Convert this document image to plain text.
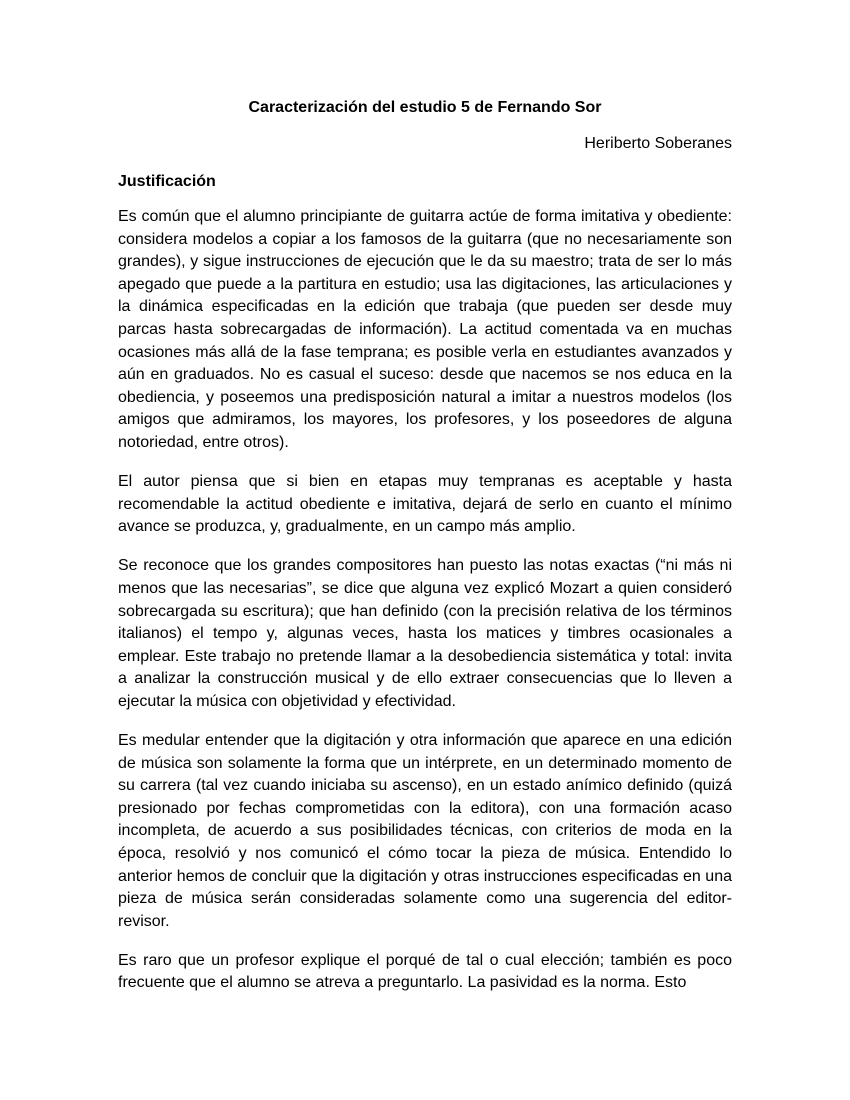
Caracterización del estudio 5 de Fernando Sor
Heriberto Soberanes
Justificación

Es común que el alumno principiante de guitarra actúe de forma imitativa y obediente: considera modelos a copiar a los famosos de la guitarra (que no necesariamente son grandes), y sigue instrucciones de ejecución que le da su maestro; trata de ser lo más apegado que puede a la partitura en estudio; usa las digitaciones, las articulaciones y la dinámica especificadas en la edición que trabaja (que pueden ser desde muy parcas hasta sobrecargadas de información). La actitud comentada va en muchas ocasiones más allá de la fase temprana; es posible verla en estudiantes avanzados y aún en graduados. No es casual el suceso: desde que nacemos se nos educa en la obediencia, y poseemos una predisposición natural a imitar a nuestros modelos (los amigos que admiramos, los mayores, los profesores, y los poseedores de alguna notoriedad, entre otros).

El autor piensa que si bien en etapas muy tempranas es aceptable y hasta recomendable la actitud obediente e imitativa, dejará de serlo en cuanto el mínimo avance se produzca, y, gradualmente, en un campo más amplio.

Se reconoce que los grandes compositores han puesto las notas exactas (“ni más ni menos que las necesarias”, se dice que alguna vez explicó Mozart a quien consideró sobrecargada su escritura); que han definido (con la precisión relativa de los términos italianos) el tempo y, algunas veces, hasta los matices y timbres ocasionales a emplear. Este trabajo no pretende llamar a la desobediencia sistemática y total: invita a analizar la construcción musical y de ello extraer consecuencias que lo lleven a ejecutar la música con objetividad y efectividad.

Es medular entender que la digitación y otra información que aparece en una edición de música son solamente la forma que un intérprete, en un determinado momento de su carrera (tal vez cuando iniciaba su ascenso), en un estado anímico definido (quizá presionado por fechas comprometidas con la editora), con una formación acaso incompleta, de acuerdo a sus posibilidades técnicas, con criterios de moda en la época, resolvió y nos comunicó el cómo tocar la pieza de música. Entendido lo anterior hemos de concluir que la digitación y otras instrucciones especificadas en una pieza de música serán consideradas solamente como una sugerencia del editor-revisor.

Es raro que un profesor explique el porqué de tal o cual elección; también es poco frecuente que el alumno se atreva a preguntarlo. La pasividad es la norma. Esto
